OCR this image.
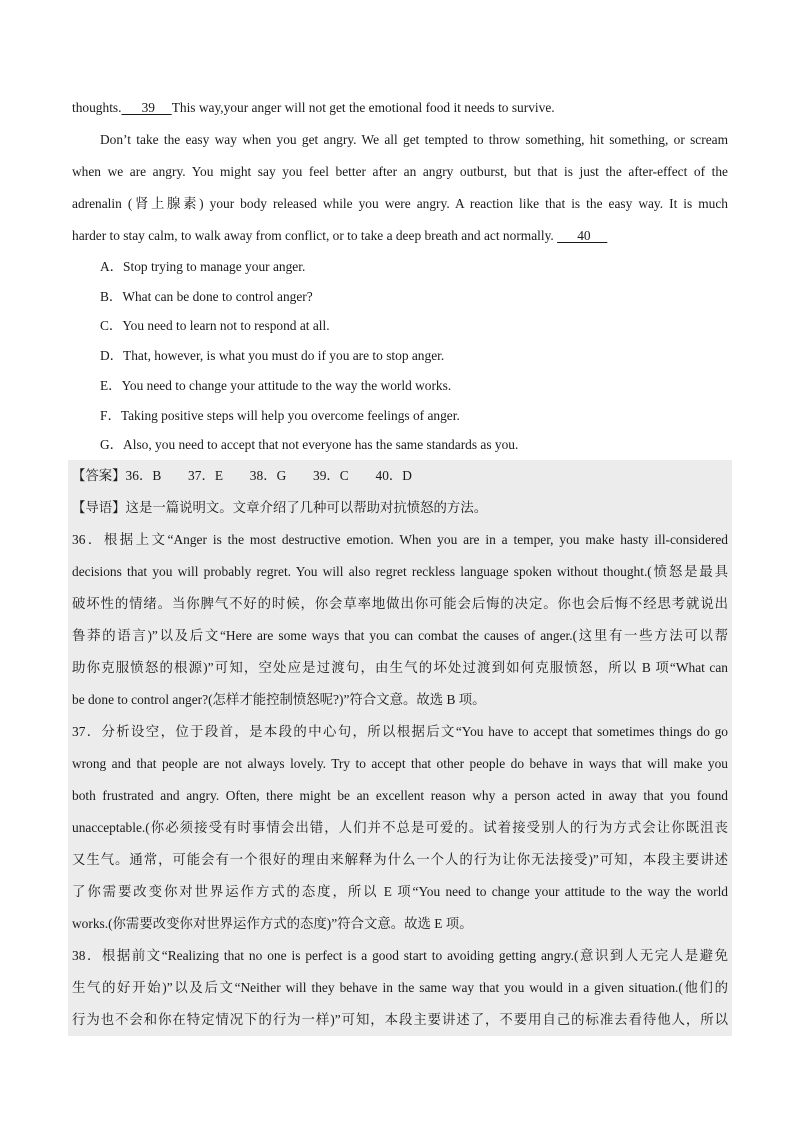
thoughts.      39     This way,your anger will not get the emotional food it needs to survive.
Don’t take the easy way when you get angry. We all get tempted to throw something, hit something, or scream
when we are angry. You might say you feel better after an angry outburst, but that is just the after-effect of the
adrenalin (肾上腺素) your body released while you were angry. A reaction like that is the easy way. It is much
harder to stay calm, to walk away from conflict, or to take a deep breath and act normally.       40
A．Stop trying to manage your anger.
B．What can be done to control anger?
C．You need to learn not to respond at all.
D．That, however, is what you must do if you are to stop anger.
E．You need to change your attitude to the way the world works.
F．Taking positive steps will help you overcome feelings of anger.
G．Also, you need to accept that not everyone has the same standards as you.
【答案】36．B　　37．E　　38．G　　39．C　　40．D
【导语】这是一篇说明文。文章介绍了几种可以帮助对抗愤怒的方法。
36．根据上文“Anger is the most destructive emotion. When you are in a temper, you make hasty ill-considered
decisions that you will probably regret. You will also regret reckless language spoken without thought.(愤怒是最具
破坏性的情绪。当你脾气不好的时候，你会草率地做出你可能会后悔的决定。你也会后悔不经思考就说出
鲁莽的语言)”以及后文“Here are some ways that you can combat the causes of anger.(这里有一些方法可以帮
助你克服愤怒的根源)”可知，空处应是过渡句，由生气的坏处过渡到如何克服愤怒，所以 B 项“What can
be done to control anger?(怎样才能控制愤怒呢?)”符合文意。故选 B 项。
37．分析设空，位于段首，是本段的中心句，所以根据后文“You have to accept that sometimes things do go
wrong and that people are not always lovely. Try to accept that other people do behave in ways that will make you
both frustrated and angry. Often, there might be an excellent reason why a person acted in away that you found
unacceptable.(你必须接受有时事情会出错，人们并不总是可爱的。试着接受别人的行为方式会让你既沮丧
又生气。通常，可能会有一个很好的理由来解释为什么一个人的行为让你无法接受)”可知，本段主要讲述
了你需要改变你对世界运作方式的态度，所以 E 项“You need to change your attitude to the way the world
works.(你需要改变你对世界运作方式的态度)”符合文意。故选 E 项。
38．根据前文“Realizing that no one is perfect is a good start to avoiding getting angry.(意识到人无完人是避免
生气的好开始)”以及后文“Neither will they behave in the same way that you would in a given situation.(他们的
行为也不会和你在特定情况下的行为一样)”可知，本段主要讲述了，不要用自己的标准去看待他人，所以
